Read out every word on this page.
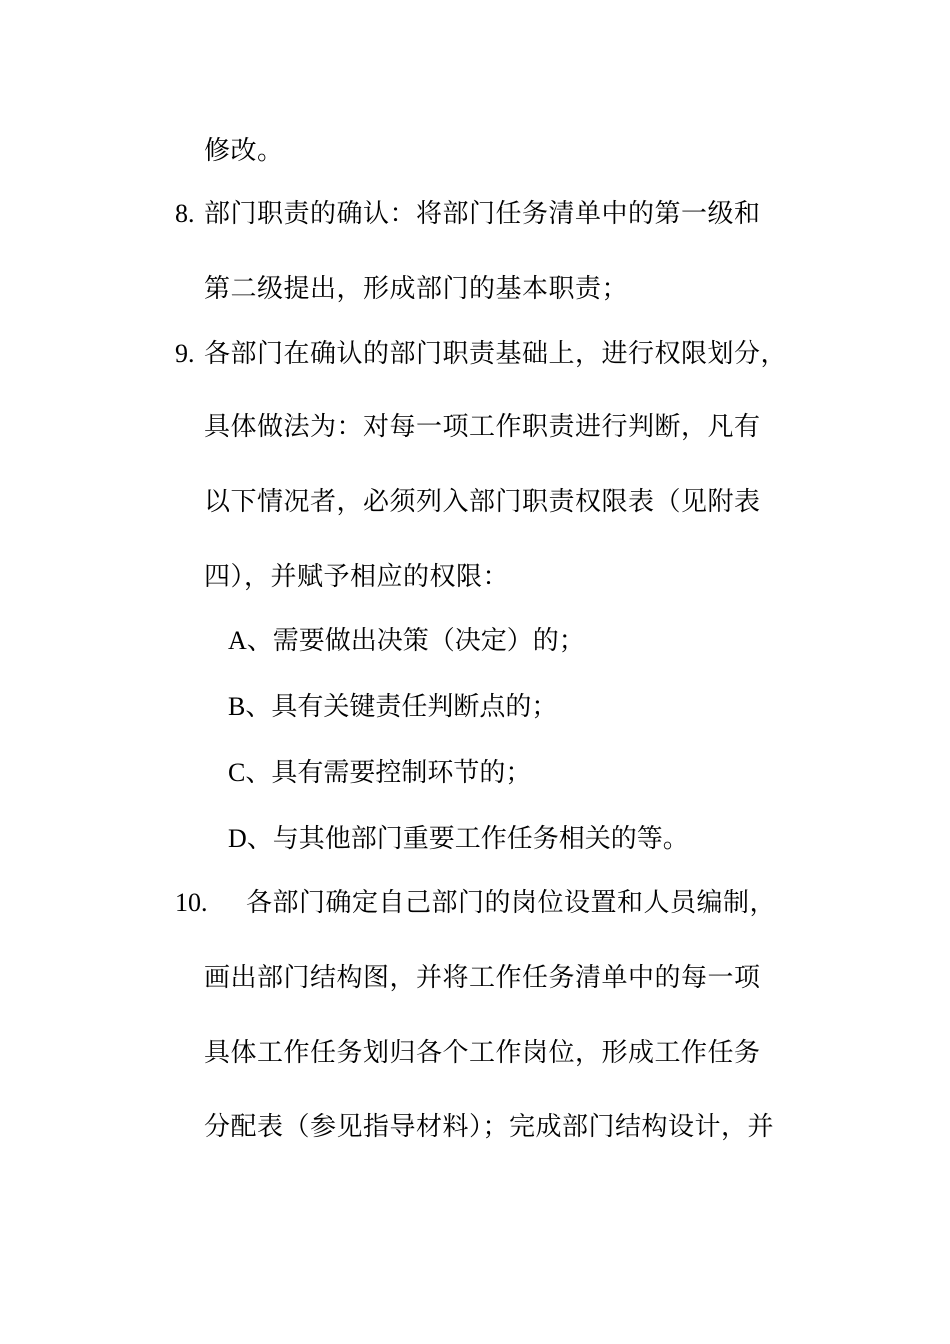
修改。
8. 部门职责的确认：将部门任务清单中的第一级和
第二级提出，形成部门的基本职责；
9. 各部门在确认的部门职责基础上，进行权限划分，
具体做法为：对每一项工作职责进行判断，凡有
以下情况者，必须列入部门职责权限表（见附表
四），并赋予相应的权限：
A、需要做出决策（决定）的；
B、具有关键责任判断点的；
C、具有需要控制环节的；
D、与其他部门重要工作任务相关的等。
10. 各部门确定自己部门的岗位设置和人员编制，
画出部门结构图，并将工作任务清单中的每一项
具体工作任务划归各个工作岗位，形成工作任务
分配表（参见指导材料）；完成部门结构设计，并
